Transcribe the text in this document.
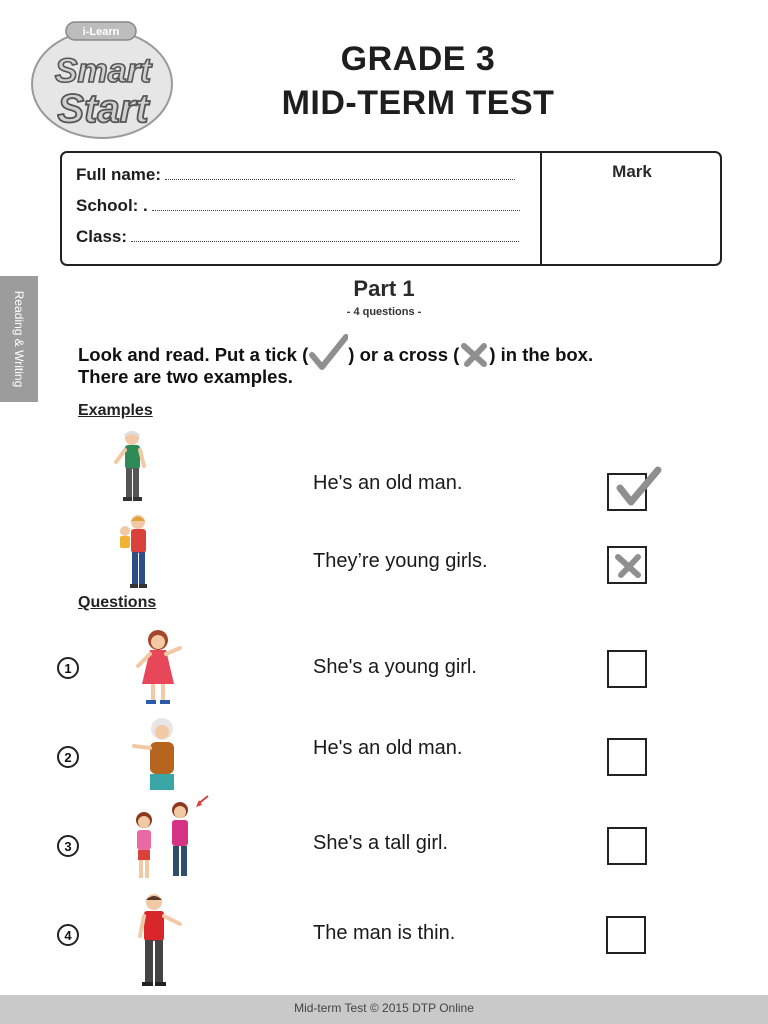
i-Learn
Smart
Start
GRADE 3
MID-TERM TEST
Full name:
School: .
Class:
Mark
Reading & Writing
Part 1
- 4 questions -
Look and read. Put a tick ( ) or a cross ( ) in the box.
There are two examples.
Examples
He's an old man.
They’re young girls.
Questions
1	She's a young girl.
2	He's an old man.
3	She's a tall girl.
4	The man is thin.
Mid-term Test © 2015 DTP Online
